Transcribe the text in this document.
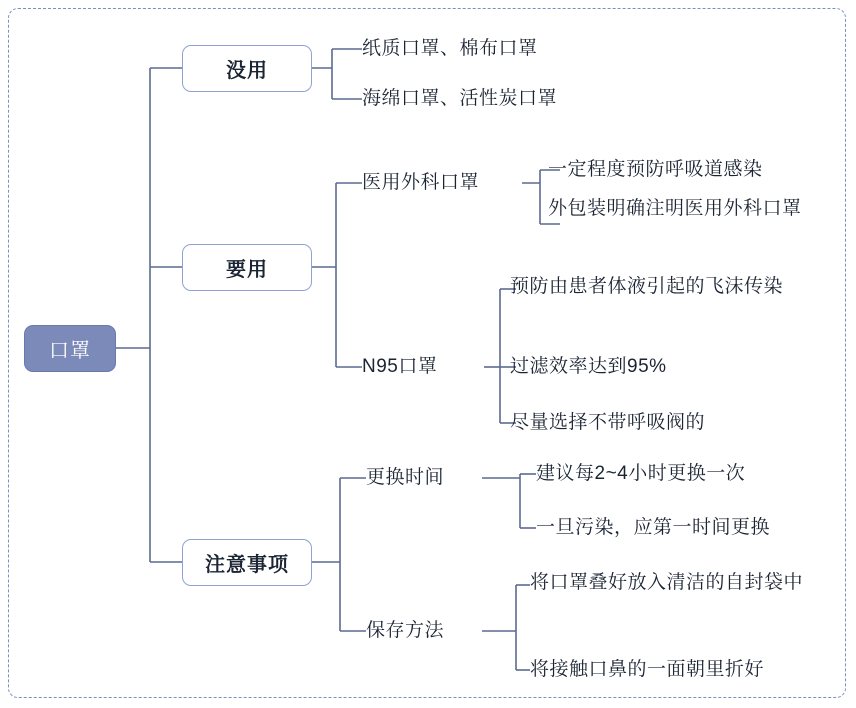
口罩
没用
纸质口罩、棉布口罩
海绵口罩、活性炭口罩
要用
医用外科口罩
一定程度预防呼吸道感染
外包装明确注明医用外科口罩
N95口罩
预防由患者体液引起的飞沫传染
过滤效率达到95%
尽量选择不带呼吸阀的
注意事项
更换时间	建议每2~4小时更换一次
一旦污染，应第一时间更换
保存方法
将口罩叠好放入清洁的自封袋中
将接触口鼻的一面朝里折好
